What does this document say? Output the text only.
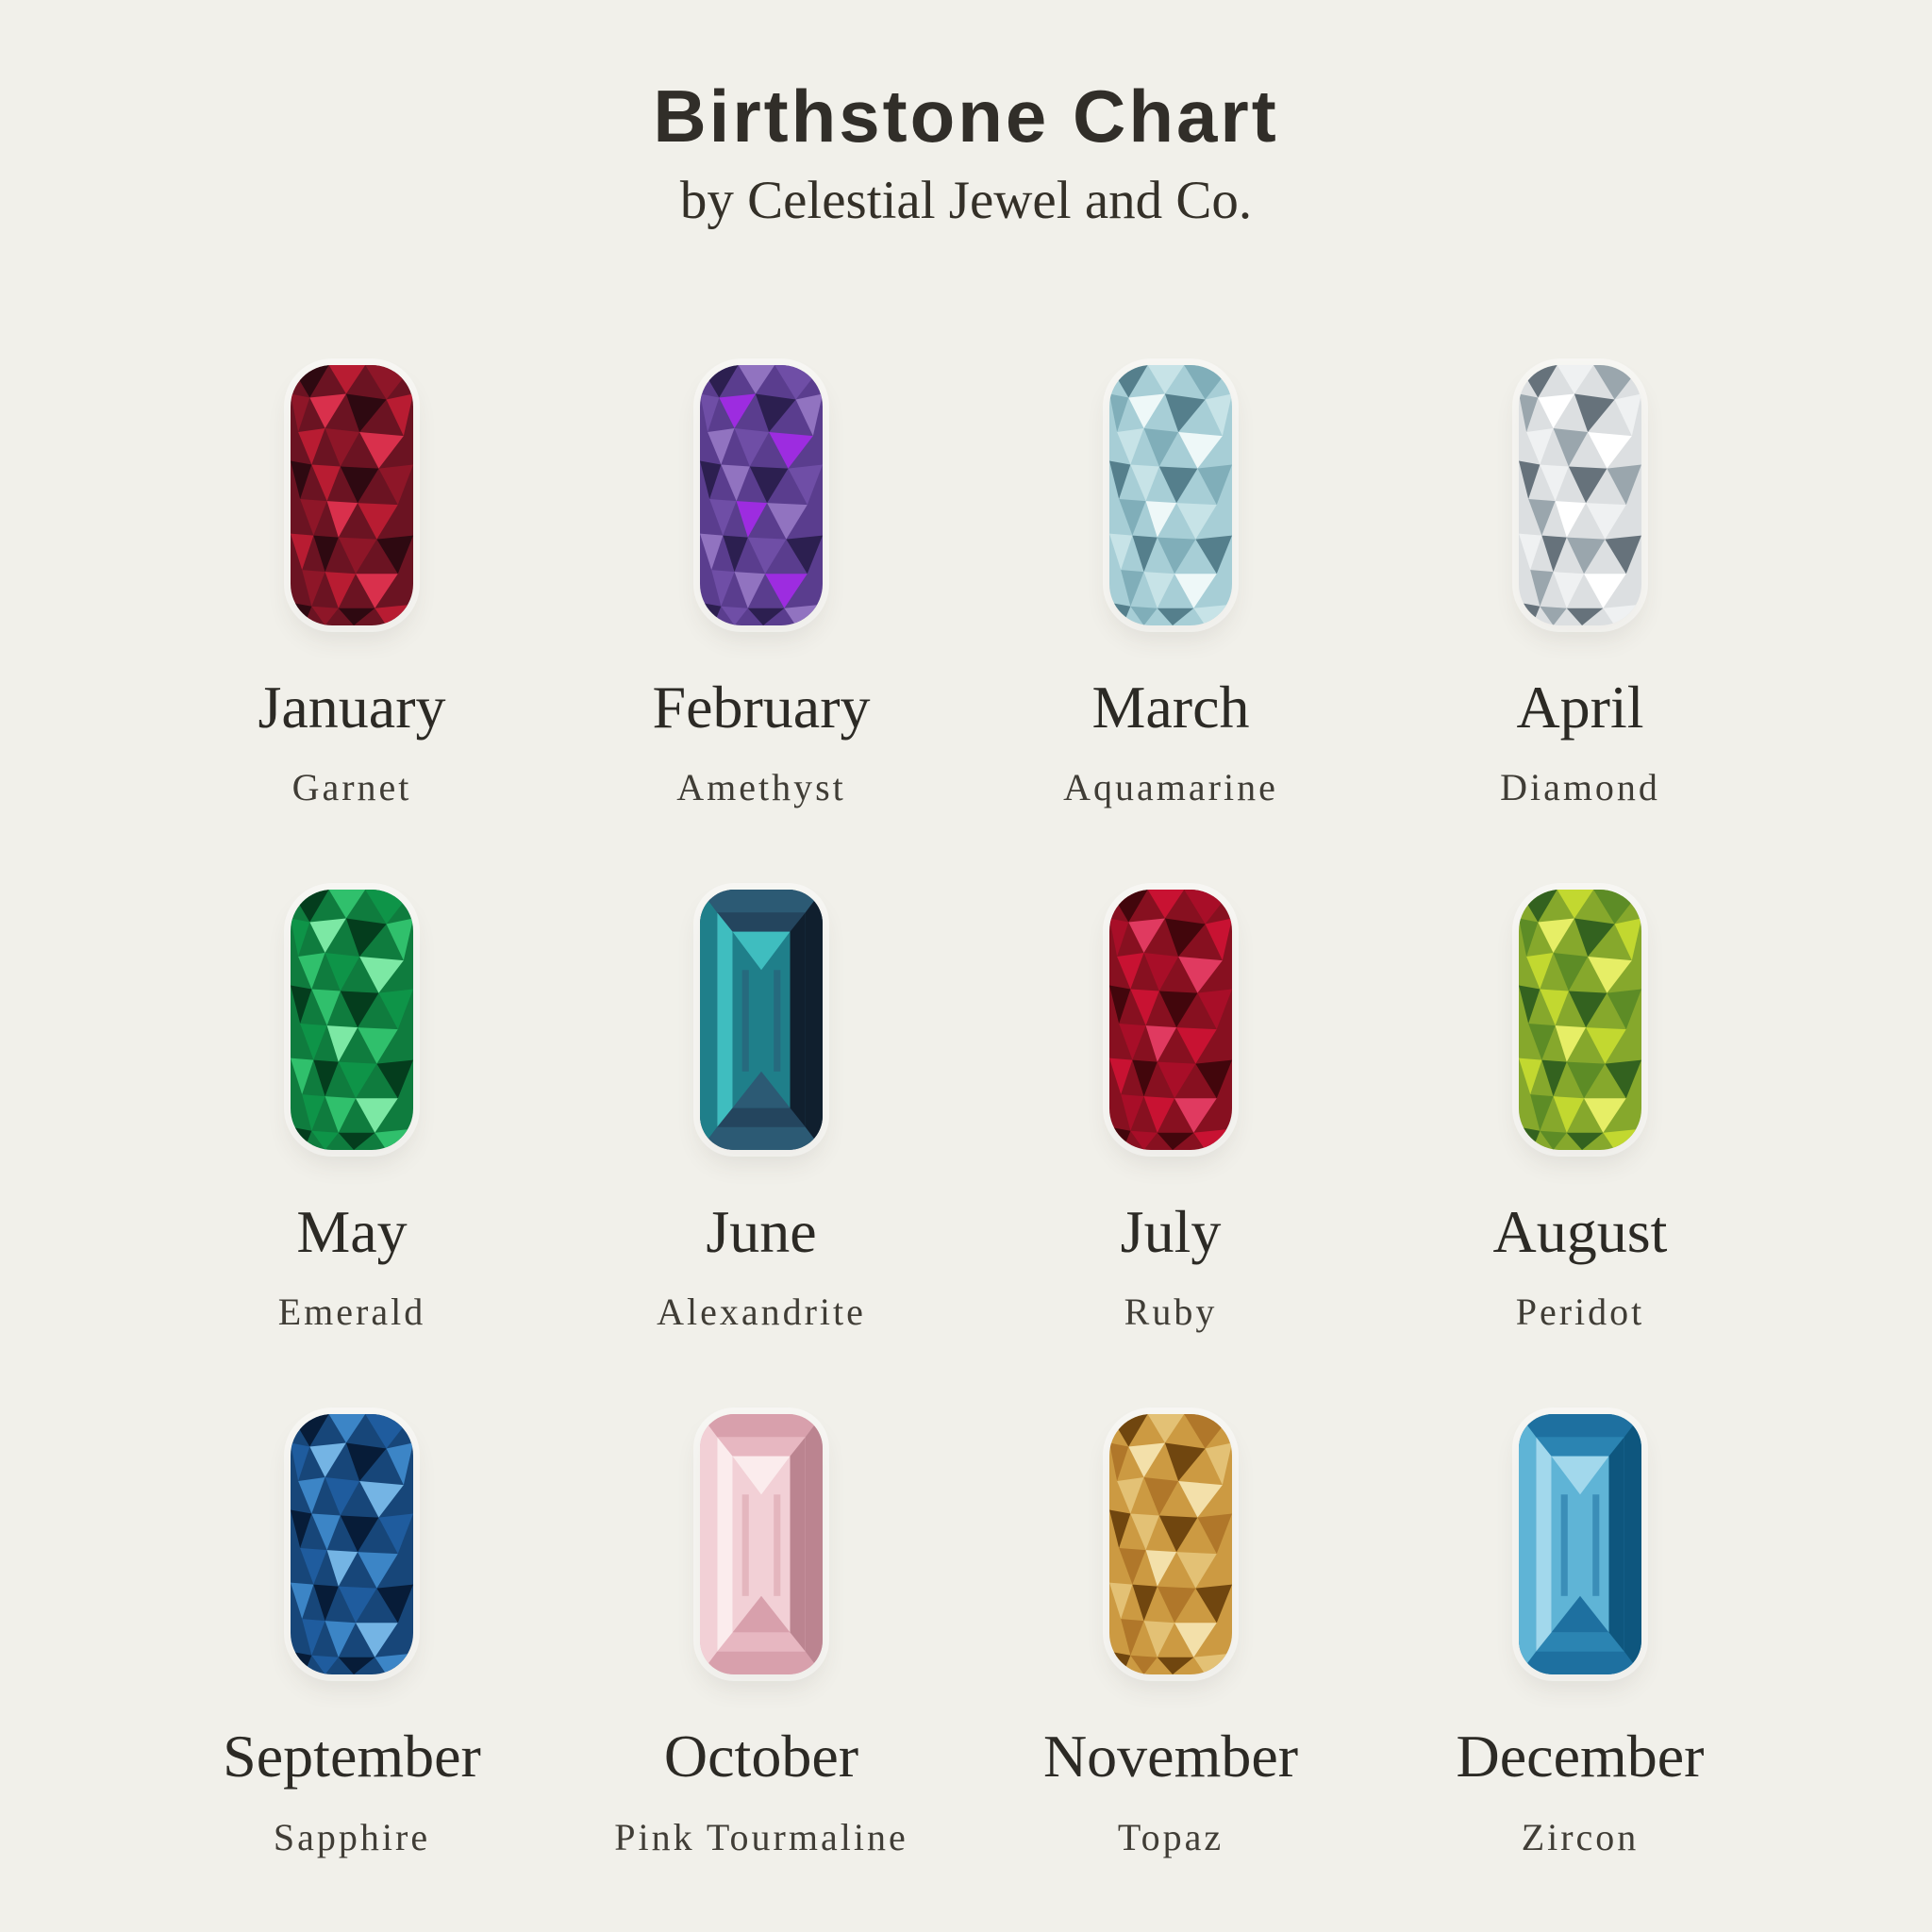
Birthstone Chart
by Celestial Jewel and Co.
January
Garnet
February
Amethyst
March
Aquamarine
April
Diamond
May
Emerald
June
Alexandrite
July
Ruby
August
Peridot
September
Sapphire
October
Pink Tourmaline
November
Topaz
December
Zircon
